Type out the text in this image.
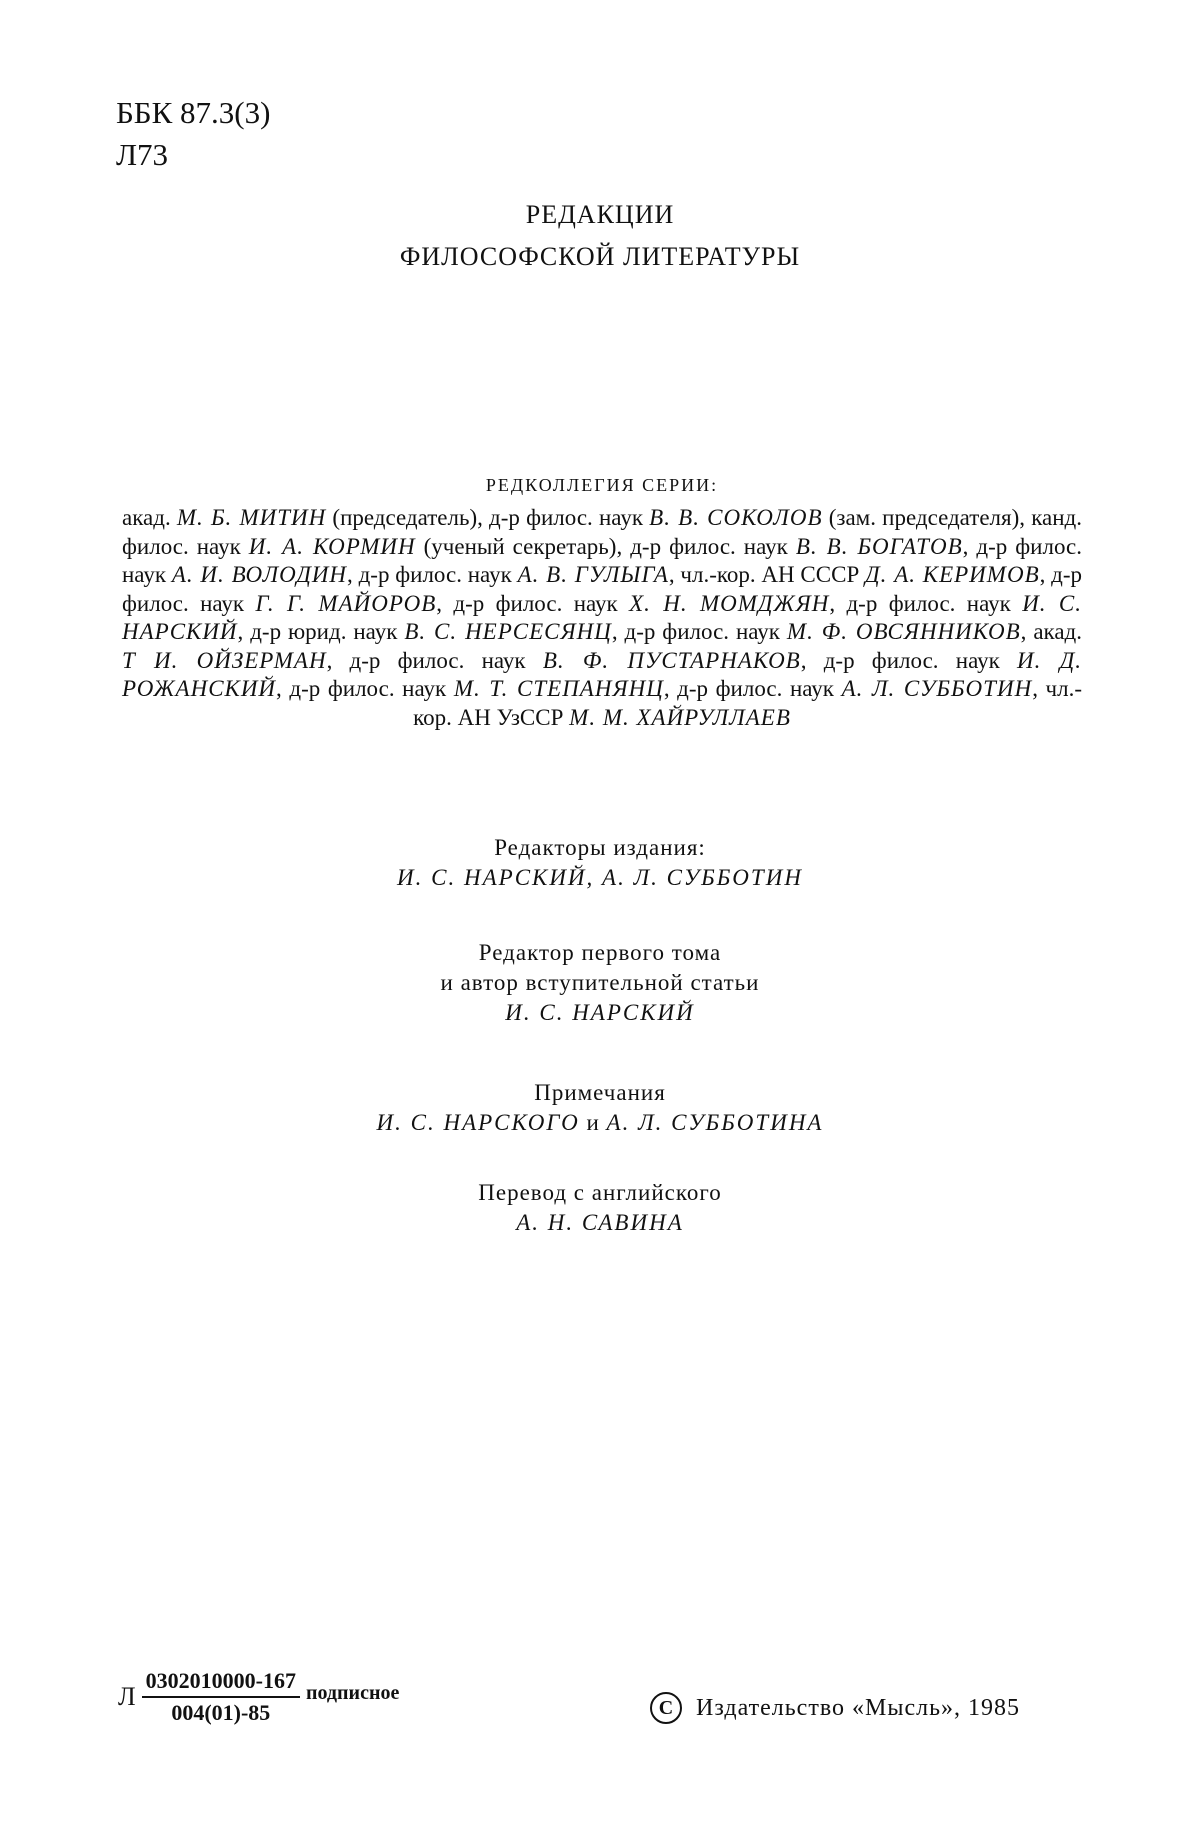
ББК 87.3(3)
Л73
РЕДАКЦИИ
ФИЛОСОФСКОЙ ЛИТЕРАТУРЫ
РЕДКОЛЛЕГИЯ СЕРИИ:
акад. М. Б. МИТИН (председатель), д-р филос. наук В. В. СОКОЛОВ (зам. председателя), канд. филос. наук И. А. КОРМИН (ученый секретарь), д-р филос. наук В. В. БОГАТОВ, д-р филос. наук А. И. ВОЛОДИН, д-р филос. наук А. В. ГУЛЫГА, чл.-кор. АН СССР Д. А. КЕРИМОВ, д-р филос. наук Г. Г. МАЙОРОВ, д-р филос. наук Х. Н. МОМДЖЯН, д-р филос. наук И. С. НАРСКИЙ, д-р юрид. наук В. С. НЕРСЕСЯНЦ, д-р филос. наук М. Ф. ОВСЯННИКОВ, акад. Т И. ОЙЗЕРМАН, д-р филос. наук В. Ф. ПУСТАРНАКОВ, д-р филос. наук И. Д. РОЖАНСКИЙ, д-р филос. наук М. Т. СТЕПАНЯНЦ, д-р филос. наук А. Л. СУББОТИН, чл.-кор. АН УзССР М. М. ХАЙРУЛЛАЕВ
Редакторы издания:
И. С. НАРСКИЙ, А. Л. СУББОТИН
Редактор первого тома
и автор вступительной статьи
И. С. НАРСКИЙ
Примечания
И. С. НАРСКОГО и А. Л. СУББОТИНА
Перевод с английского
А. Н. САВИНА
Л $\frac{0302010000-167}{004(01)-85}$ подписное
С Издательство «Мысль», 1985
